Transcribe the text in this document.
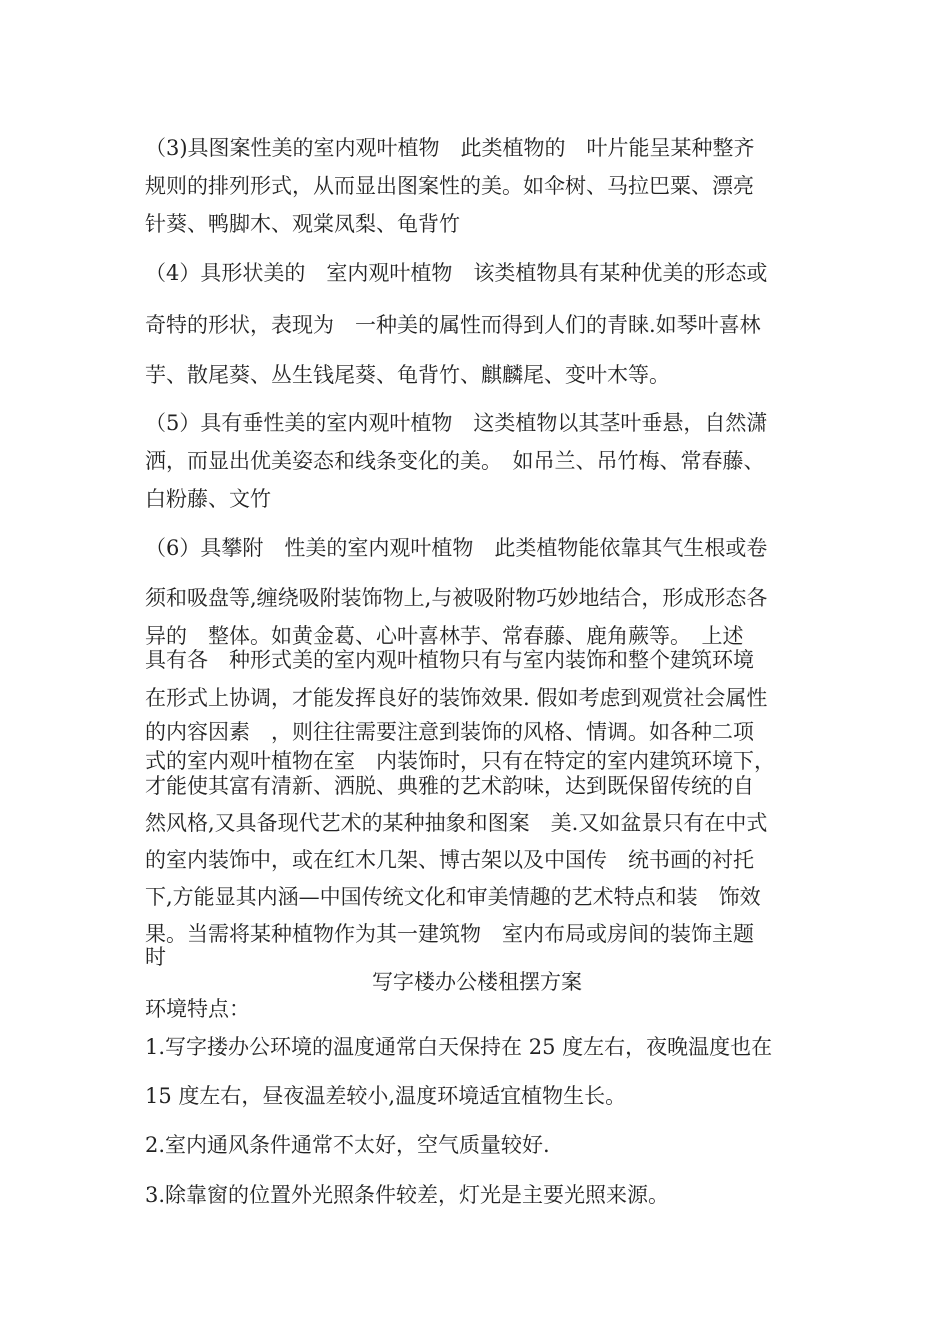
（3)具图案性美的室内观叶植物　此类植物的　叶片能呈某种整齐

规则的排列形式，从而显出图案性的美。如伞树、马拉巴粟、漂亮

针葵、鸭脚木、观棠凤梨、龟背竹

（4）具形状美的　室内观叶植物　该类植物具有某种优美的形态或

奇特的形状，表现为　一种美的属性而得到人们的青睐.如琴叶喜林

芋、散尾葵、丛生钱尾葵、龟背竹、麒麟尾、变叶木等。

（5）具有垂性美的室内观叶植物　这类植物以其茎叶垂悬，自然潇

洒，而显出优美姿态和线条变化的美。　如吊兰、吊竹梅、常春藤、

白粉藤、文竹

（6）具攀附　性美的室内观叶植物　此类植物能依靠其气生根或卷

须和吸盘等,缠绕吸附装饰物上,与被吸附物巧妙地结合，形成形态各

异的　整体。如黄金葛、心叶喜林芋、常春藤、鹿角蕨等。　上述

具有各　种形式美的室内观叶植物只有与室内装饰和整个建筑环境

在形式上协调，才能发挥良好的装饰效果. 假如考虑到观赏社会属性

的内容因素　，则往往需要注意到装饰的风格、情调。如各种二项

式的室内观叶植物在室　内装饰时，只有在特定的室内建筑环境下，

才能使其富有清新、洒脱、典雅的艺术韵味，达到既保留传统的自

然风格,又具备现代艺术的某种抽象和图案　美.又如盆景只有在中式

的室内装饰中，或在红木几架、博古架以及中国传　统书画的衬托

下,方能显其内涵—中国传统文化和审美情趣的艺术特点和装　饰效

果。当需将某种植物作为其一建筑物　室内布局或房间的装饰主题

时

写字楼办公楼租摆方案

环境特点：

1.写字搂办公环境的温度通常白天保持在 25 度左右，夜晚温度也在

15 度左右，昼夜温差较小,温度环境适宜植物生长。

2.室内通风条件通常不太好，空气质量较好.

3.除靠窗的位置外光照条件较差，灯光是主要光照来源。
